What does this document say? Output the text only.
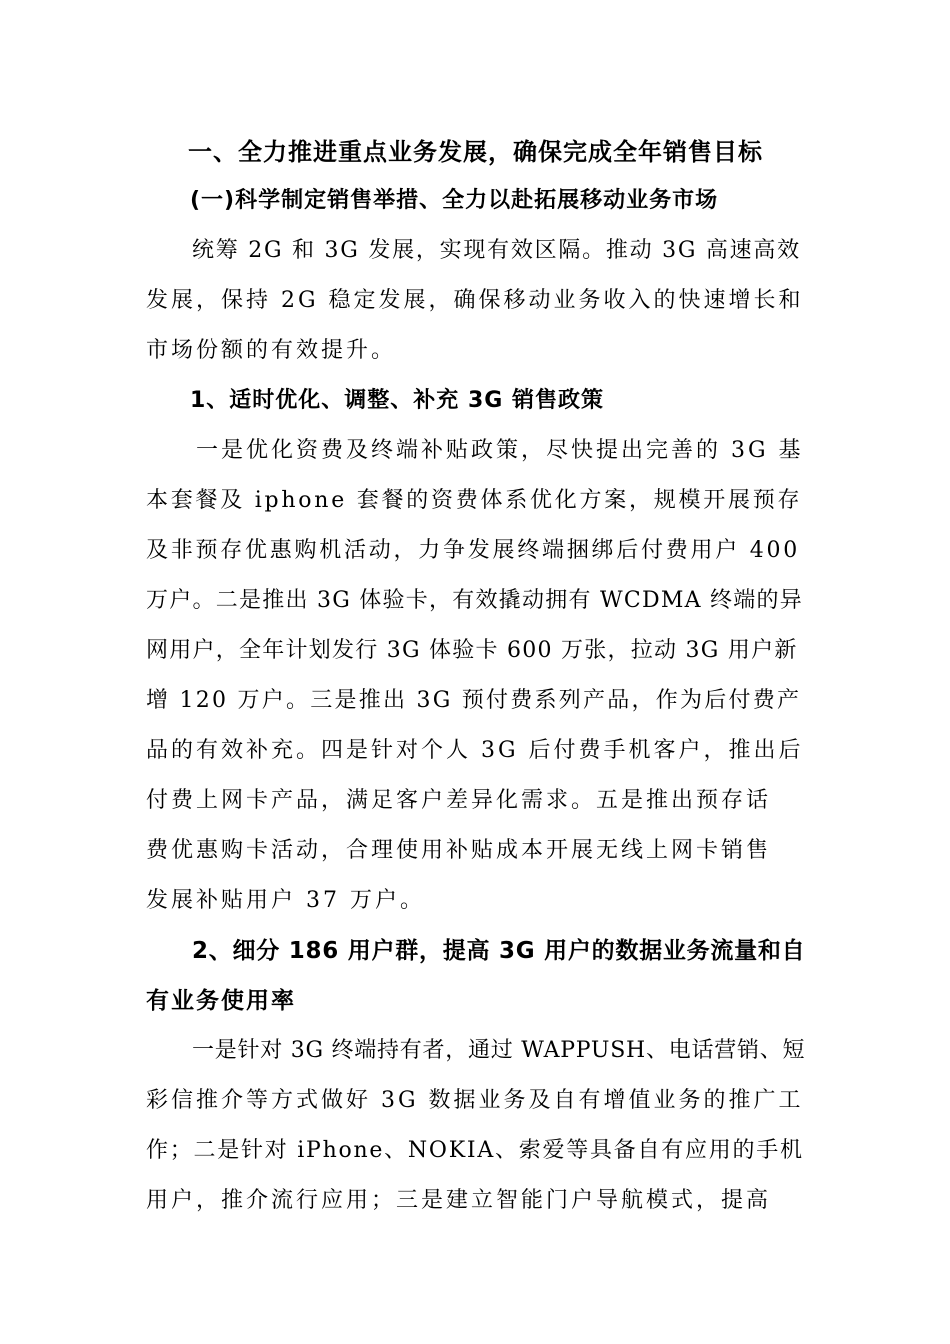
一、全力推进重点业务发展，确保完成全年销售目标
(一)科学制定销售举措、全力以赴拓展移动业务市场
统筹 2G 和 3G 发展，实现有效区隔。推动 3G 高速高效
发展，保持 2G 稳定发展，确保移动业务收入的快速增长和
市场份额的有效提升。
1、适时优化、调整、补充 3G 销售政策
一是优化资费及终端补贴政策，尽快提出完善的 3G 基
本套餐及 iphone 套餐的资费体系优化方案，规模开展预存
及非预存优惠购机活动，力争发展终端捆绑后付费用户 400
万户。二是推出 3G 体验卡，有效撬动拥有 WCDMA 终端的异
网用户，全年计划发行 3G 体验卡 600 万张，拉动 3G 用户新
增 120 万户。三是推出 3G 预付费系列产品，作为后付费产
品的有效补充。四是针对个人 3G 后付费手机客户，推出后
付费上网卡产品，满足客户差异化需求。五是推出预存话
费优惠购卡活动，合理使用补贴成本开展无线上网卡销售
发展补贴用户 37 万户。
2、细分 186 用户群，提高 3G 用户的数据业务流量和自
有业务使用率
一是针对 3G 终端持有者，通过 WAPPUSH、电话营销、短
彩信推介等方式做好 3G 数据业务及自有增值业务的推广工
作；二是针对 iPhone、NOKIA、索爱等具备自有应用的手机
用户，推介流行应用；三是建立智能门户导航模式，提高
